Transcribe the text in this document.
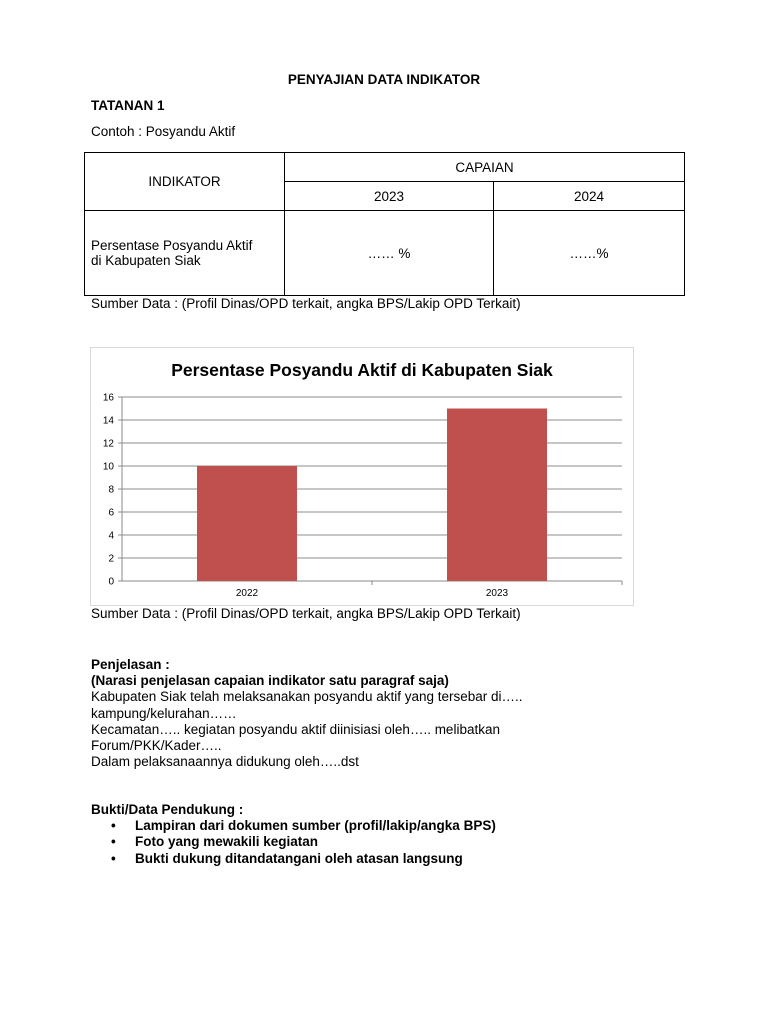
PENYAJIAN DATA INDIKATOR
TATANAN 1
Contoh : Posyandu Aktif
INDIKATOR	CAPAIAN	
	2023	2024

Persentase Posyandu Aktif
di Kabupaten Siak	…… %	……%
Sumber Data : (Profil Dinas/OPD terkait, angka BPS/Lakip OPD Terkait)
Persentase Posyandu Aktif di Kabupaten Siak
0
2
4
6
8
10
12
14
16
2022	2023
Sumber Data : (Profil Dinas/OPD terkait, angka BPS/Lakip OPD Terkait)
Penjelasan :
(Narasi penjelasan capaian indikator satu paragraf saja)
Kabupaten Siak telah melaksanakan posyandu aktif yang tersebar di…..
kampung/kelurahan……
Kecamatan….. kegiatan posyandu aktif diinisiasi oleh….. melibatkan
Forum/PKK/Kader…..
Dalam pelaksanaannya didukung oleh…..dst
Bukti/Data Pendukung :
• Lampiran dari dokumen sumber (profil/lakip/angka BPS)
• Foto yang mewakili kegiatan
• Bukti dukung ditandatangani oleh atasan langsung
